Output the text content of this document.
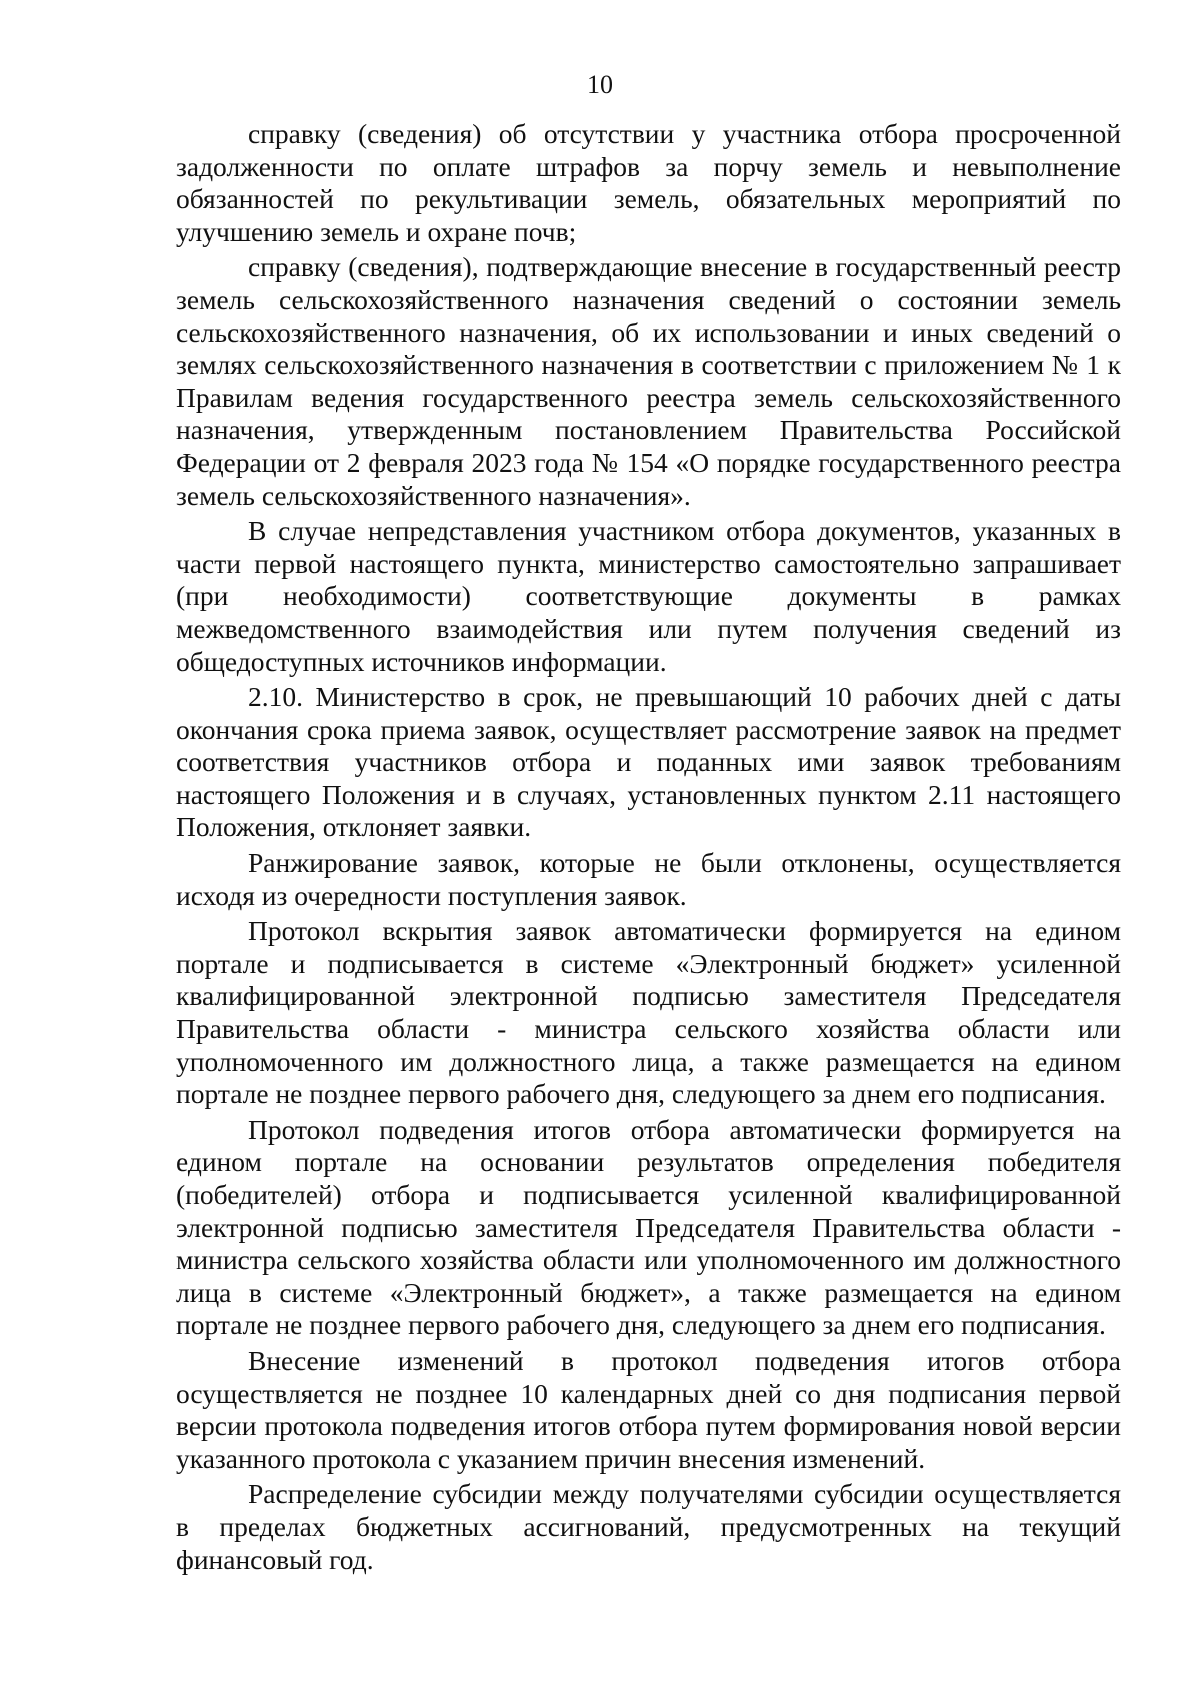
10

справку (сведения) об отсутствии у участника отбора просроченной задолженности по оплате штрафов за порчу земель и невыполнение обязанностей по рекультивации земель, обязательных мероприятий по улучшению земель и охране почв;

справку (сведения), подтверждающие внесение в государственный реестр земель сельскохозяйственного назначения сведений о состоянии земель сельскохозяйственного назначения, об их использовании и иных сведений о землях сельскохозяйственного назначения в соответствии с приложением № 1 к Правилам ведения государственного реестра земель сельскохозяйственного назначения, утвержденным постановлением Правительства Российской Федерации от 2 февраля 2023 года № 154 «О порядке государственного реестра земель сельскохозяйственного назначения».

В случае непредставления участником отбора документов, указанных в части первой настоящего пункта, министерство самостоятельно запрашивает (при необходимости) соответствующие документы в рамках межведомственного взаимодействия или путем получения сведений из общедоступных источников информации.

2.10. Министерство в срок, не превышающий 10 рабочих дней с даты окончания срока приема заявок, осуществляет рассмотрение заявок на предмет соответствия участников отбора и поданных ими заявок требованиям настоящего Положения и в случаях, установленных пунктом 2.11 настоящего Положения, отклоняет заявки.

Ранжирование заявок, которые не были отклонены, осуществляется исходя из очередности поступления заявок.

Протокол вскрытия заявок автоматически формируется на едином портале и подписывается в системе «Электронный бюджет» усиленной квалифицированной электронной подписью заместителя Председателя Правительства области - министра сельского хозяйства области или уполномоченного им должностного лица, а также размещается на едином портале не позднее первого рабочего дня, следующего за днем его подписания.

Протокол подведения итогов отбора автоматически формируется на едином портале на основании результатов определения победителя (победителей) отбора и подписывается усиленной квалифицированной электронной подписью заместителя Председателя Правительства области - министра сельского хозяйства области или уполномоченного им должностного лица в системе «Электронный бюджет», а также размещается на едином портале не позднее первого рабочего дня, следующего за днем его подписания.

Внесение изменений в протокол подведения итогов отбора осуществляется не позднее 10 календарных дней со дня подписания первой версии протокола подведения итогов отбора путем формирования новой версии указанного протокола с указанием причин внесения изменений.

Распределение субсидии между получателями субсидии осуществляется в пределах бюджетных ассигнований, предусмотренных на текущий финансовый год.
